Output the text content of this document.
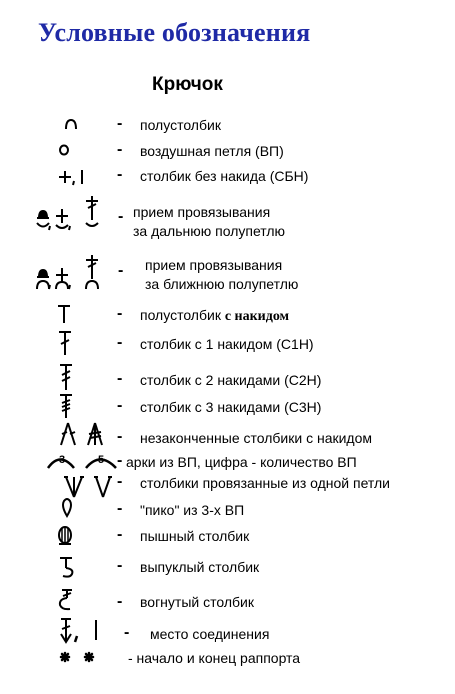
Условные обозначения
Крючок
- полустолбик
- воздушная петля (ВП)
- столбик без накида (СБН)
- прием провязывания
за дальнюю полупетлю
- прием провязывания
за ближнюю полупетлю
- полустолбик с накидом
- столбик с 1 накидом (С1Н)
- столбик с 2 накидами (С2Н)
- столбик с 3 накидами (С3Н)
- незаконченные столбики с накидом
3	5 - арки из ВП, цифра - количество ВП
- столбики провязанные из одной петли
- "пико" из 3-х ВП
- пышный столбик
- выпуклый столбик
- вогнутый столбик
- место соединения
- начало и конец раппорта
